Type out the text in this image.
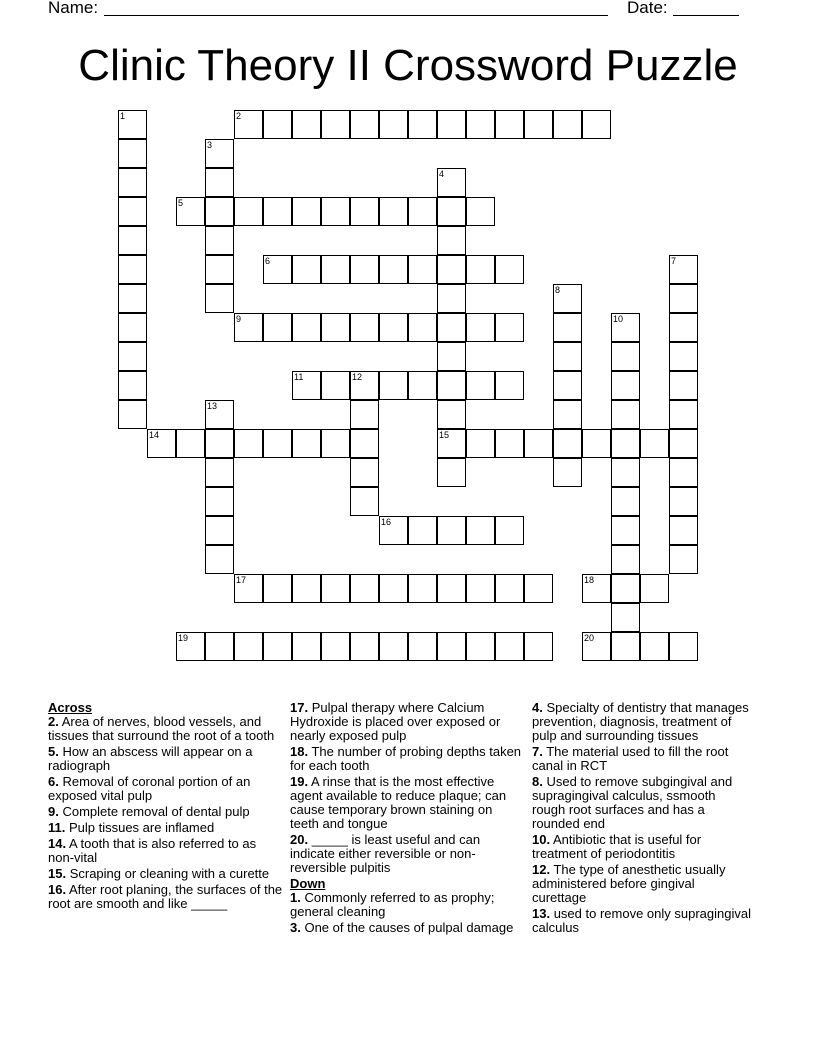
Name:	Date:
Clinic Theory II Crossword Puzzle
1	2
3
4
15
5
6	7
8
9	10
11	12
13
14
16
17	18
19	20
Across
2. Area of nerves, blood vessels, and tissues that surround the root of a tooth
5. How an abscess will appear on a radiograph
6. Removal of coronal portion of an exposed vital pulp
9. Complete removal of dental pulp
11. Pulp tissues are inflamed
14. A tooth that is also referred to as non-vital
15. Scraping or cleaning with a curette
16. After root planing, the surfaces of the root are smooth and like _____
17. Pulpal therapy where Calcium Hydroxide is placed over exposed or nearly exposed pulp
18. The number of probing depths taken for each tooth
19. A rinse that is the most effective agent available to reduce plaque; can cause temporary brown staining on teeth and tongue
20. _____ is least useful and can indicate either reversible or non-reversible pulpitis
Down
1. Commonly referred to as prophy; general cleaning
3. One of the causes of pulpal damage
4. Specialty of dentistry that manages prevention, diagnosis, treatment of pulp and surrounding tissues
7. The material used to fill the root canal in RCT
8. Used to remove subgingival and supragingival calculus, ssmooth rough root surfaces and has a rounded end
10. Antibiotic that is useful for treatment of periodontitis
12. The type of anesthetic usually administered before gingival curettage
13. used to remove only supragingival calculus
